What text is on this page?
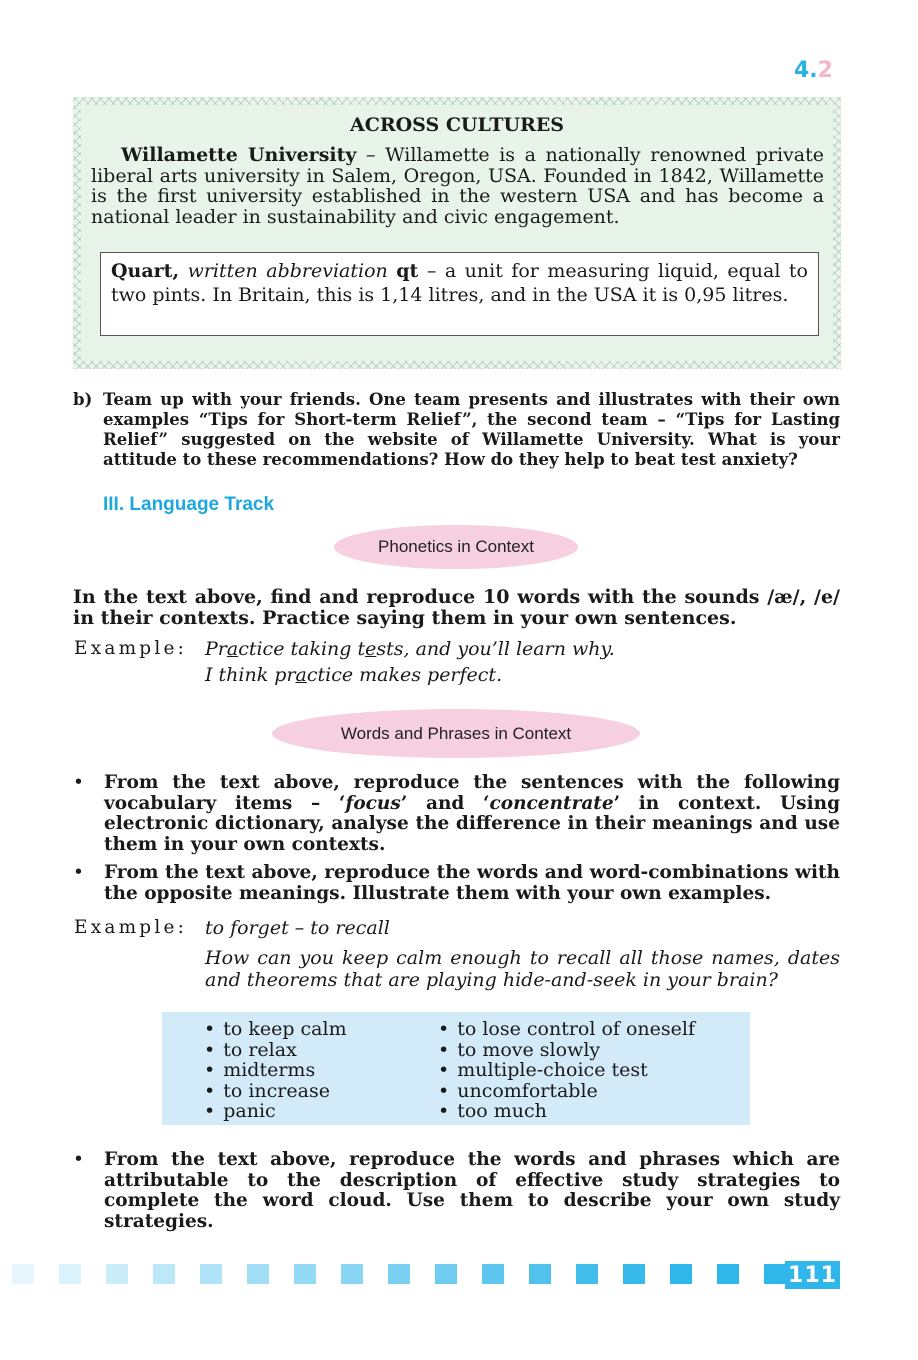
4.2
ACROSS CULTURES
Willamette University – Willamette is a nationally renowned private liberal arts university in Salem, Oregon, USA. Founded in 1842, Willamette is the first university established in the western USA and has become a national leader in sustainability and civic engagement.
Quart, written abbreviation qt – a unit for measuring liquid, equal to two pints. In Britain, this is 1,14 litres, and in the USA it is 0,95 litres.
b) Team up with your friends. One team presents and illustrates with their own examples “Tips for Short-term Relief”, the second team – “Tips for Lasting Relief” suggested on the website of Willamette University. What is your attitude to these recommendations? How do they help to beat test anxiety?
III. Language Track
Phonetics in Context
In the text above, find and reproduce 10 words with the sounds /æ/, /e/ in their contexts. Practice saying them in your own sentences.
Example: Practice taking tests, and you’ll learn why.
I think practice makes perfect.
Words and Phrases in Context
• From the text above, reproduce the sentences with the following vocabulary items – ‘focus’ and ‘concentrate’ in context. Using electronic dictionary, analyse the difference in their meanings and use them in your own contexts.
• From the text above, reproduce the words and word-combinations with the opposite meanings. Illustrate them with your own examples.
Example: to forget – to recall
How can you keep calm enough to recall all those names, dates and theorems that are playing hide-and-seek in your brain?
• to keep calm
• to relax
• midterms
• to increase
• panic
• to lose control of oneself
• to move slowly
• multiple-choice test
• uncomfortable
• too much
• From the text above, reproduce the words and phrases which are attributable to the description of effective study strategies to complete the word cloud. Use them to describe your own study strategies.
111
